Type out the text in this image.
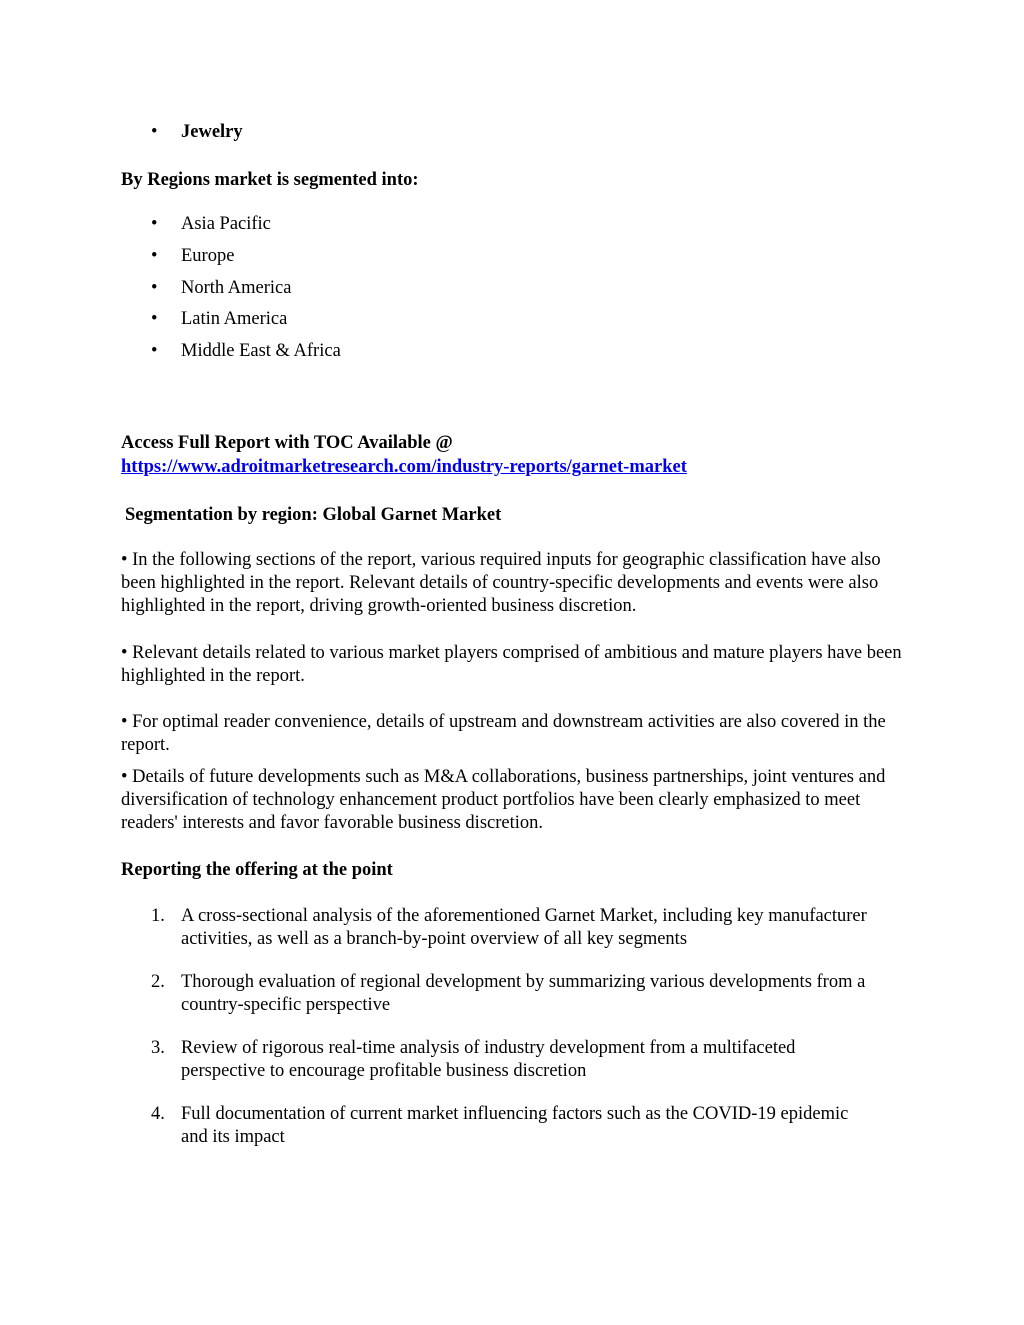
•	Jewelry
By Regions market is segmented into:
•	Asia Pacific
•	Europe
•	North America
•	Latin America
•	Middle East & Africa
Access Full Report with TOC Available @
https://www.adroitmarketresearch.com/industry-reports/garnet-market
Segmentation by region: Global Garnet Market
• In the following sections of the report, various required inputs for geographic classification have also been highlighted in the report. Relevant details of country-specific developments and events were also highlighted in the report, driving growth-oriented business discretion.
• Relevant details related to various market players comprised of ambitious and mature players have been highlighted in the report.
• For optimal reader convenience, details of upstream and downstream activities are also covered in the report.
• Details of future developments such as M&A collaborations, business partnerships, joint ventures and diversification of technology enhancement product portfolios have been clearly emphasized to meet readers' interests and favor favorable business discretion.
Reporting the offering at the point
1. A cross-sectional analysis of the aforementioned Garnet Market, including key manufacturer activities, as well as a branch-by-point overview of all key segments
2. Thorough evaluation of regional development by summarizing various developments from a country-specific perspective
3. Review of rigorous real-time analysis of industry development from a multifaceted perspective to encourage profitable business discretion
4. Full documentation of current market influencing factors such as the COVID-19 epidemic and its impact
